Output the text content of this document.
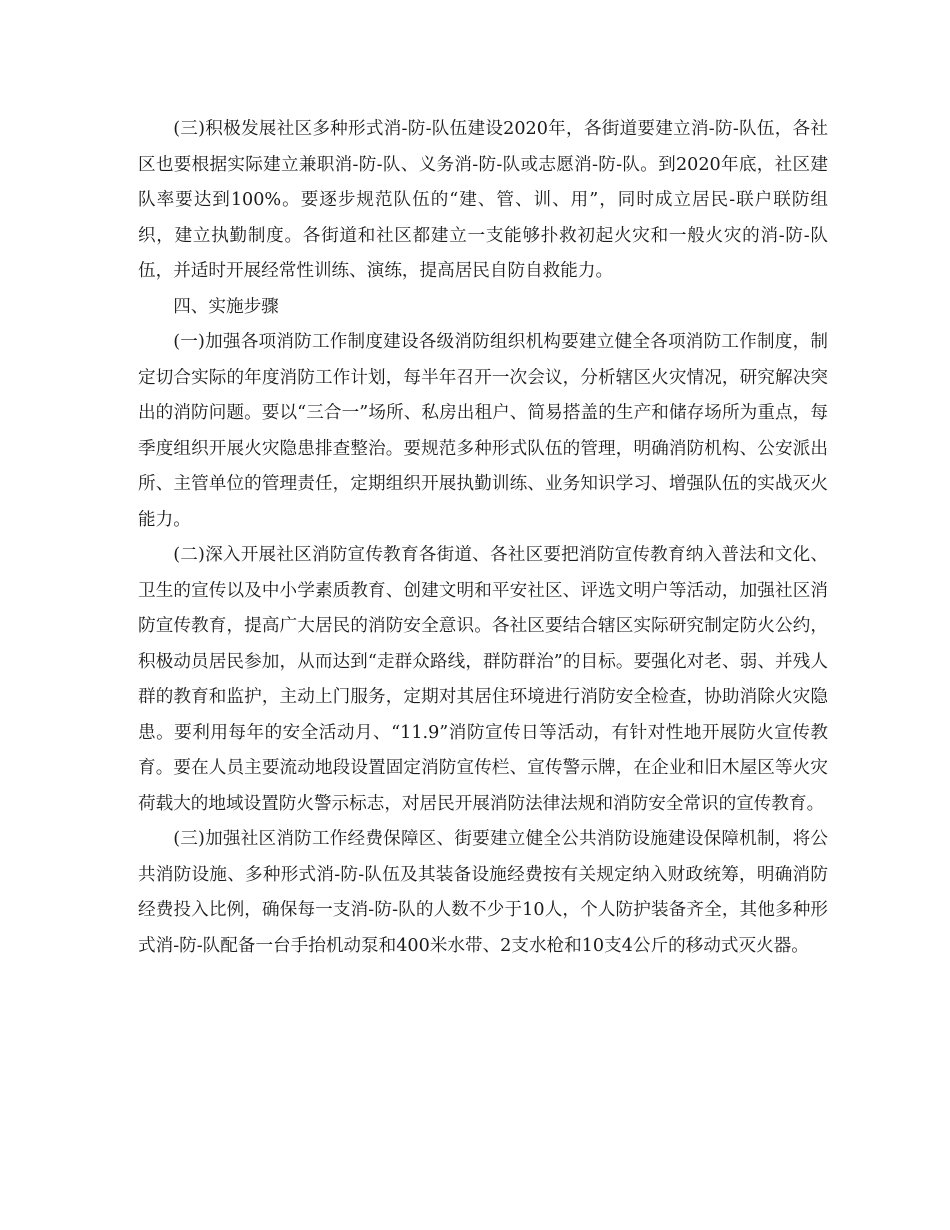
(三)积极发展社区多种形式消-防-队伍建设2020年，各街道要建立消-防-队伍，各社区也要根据实际建立兼职消-防-队、义务消-防-队或志愿消-防-队。到2020年底，社区建队率要达到100%。要逐步规范队伍的“建、管、训、用”，同时成立居民-联户联防组织，建立执勤制度。各街道和社区都建立一支能够扑救初起火灾和一般火灾的消-防-队伍，并适时开展经常性训练、演练，提高居民自防自救能力。

四、实施步骤

(一)加强各项消防工作制度建设各级消防组织机构要建立健全各项消防工作制度，制定切合实际的年度消防工作计划，每半年召开一次会议，分析辖区火灾情况，研究解决突出的消防问题。要以“三合一”场所、私房出租户、简易搭盖的生产和储存场所为重点，每季度组织开展火灾隐患排查整治。要规范多种形式队伍的管理，明确消防机构、公安派出所、主管单位的管理责任，定期组织开展执勤训练、业务知识学习、增强队伍的实战灭火能力。

(二)深入开展社区消防宣传教育各街道、各社区要把消防宣传教育纳入普法和文化、卫生的宣传以及中小学素质教育、创建文明和平安社区、评选文明户等活动，加强社区消防宣传教育，提高广大居民的消防安全意识。各社区要结合辖区实际研究制定防火公约，积极动员居民参加，从而达到“走群众路线，群防群治”的目标。要强化对老、弱、并残人群的教育和监护，主动上门服务，定期对其居住环境进行消防安全检查，协助消除火灾隐患。要利用每年的安全活动月、“11.9”消防宣传日等活动，有针对性地开展防火宣传教育。要在人员主要流动地段设置固定消防宣传栏、宣传警示牌，在企业和旧木屋区等火灾荷载大的地域设置防火警示标志，对居民开展消防法律法规和消防安全常识的宣传教育。

(三)加强社区消防工作经费保障区、街要建立健全公共消防设施建设保障机制，将公共消防设施、多种形式消-防-队伍及其装备设施经费按有关规定纳入财政统筹，明确消防经费投入比例，确保每一支消-防-队的人数不少于10人，个人防护装备齐全，其他多种形式消-防-队配备一台手抬机动泵和400米水带、2支水枪和10支4公斤的移动式灭火器。
